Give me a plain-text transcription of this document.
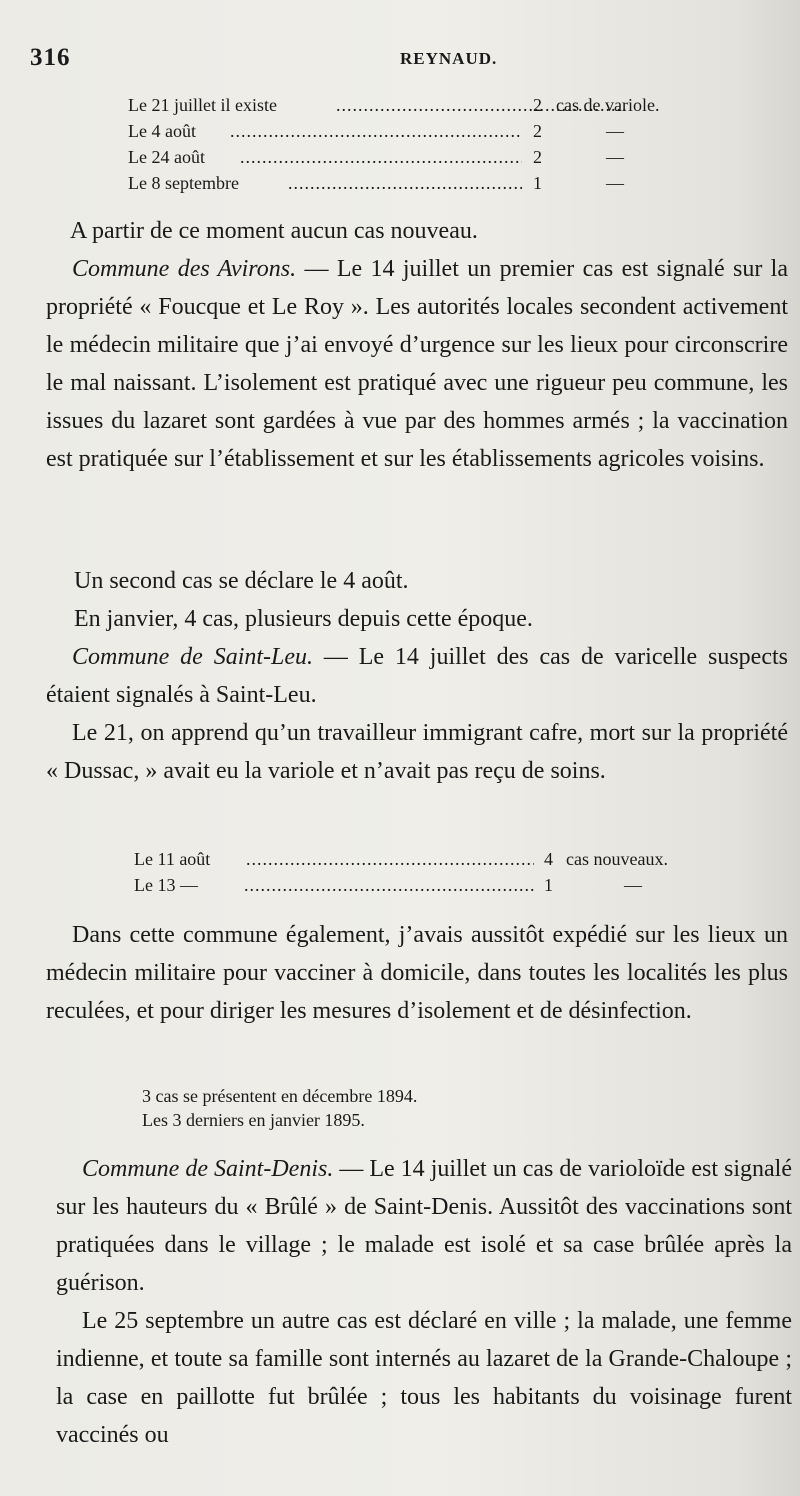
316	REYNAUD.
Le 21 juillet il existe .....	2 cas de variole.
Le 4 août .....	2	—
Le 24 août .....	2	—
Le 8 septembre .....	1	—

A partir de ce moment aucun cas nouveau.

Commune des Avirons. — Le 14 juillet un premier cas est signalé sur la propriété « Foucque et Le Roy ». Les autorités locales secondent activement le médecin militaire que j’ai envoyé d’urgence sur les lieux pour circonscrire le mal naissant. L’isolement est pratiqué avec une rigueur peu commune, les issues du lazaret sont gardées à vue par des hommes armés ; la vaccination est pratiquée sur l’établissement et sur les établissements agricoles voisins.

Un second cas se déclare le 4 août.

En janvier, 4 cas, plusieurs depuis cette époque.

Commune de Saint-Leu. — Le 14 juillet des cas de varicelle suspects étaient signalés à Saint-Leu.

Le 21, on apprend qu’un travailleur immigrant cafre, mort sur la propriété « Dussac, » avait eu la variole et n’avait pas reçu de soins.

Le 11 août .....	4 cas nouveaux.
Le 13 — .....	1	—

Dans cette commune également, j’avais aussitôt expédié sur les lieux un médecin militaire pour vacciner à domicile, dans toutes les localités les plus reculées, et pour diriger les mesures d’isolement et de désinfection.

3 cas se présentent en décembre 1894.
Les 3 derniers en janvier 1895.

Commune de Saint-Denis. — Le 14 juillet un cas de varioloïde est signalé sur les hauteurs du « Brûlé » de Saint-Denis. Aussitôt des vaccinations sont pratiquées dans le village ; le malade est isolé et sa case brûlée après la guérison.

Le 25 septembre un autre cas est déclaré en ville ; la malade, une femme indienne, et toute sa famille sont internés au lazaret de la Grande-Chaloupe ; la case en paillotte fut brûlée ; tous les habitants du voisinage furent vaccinés ou
